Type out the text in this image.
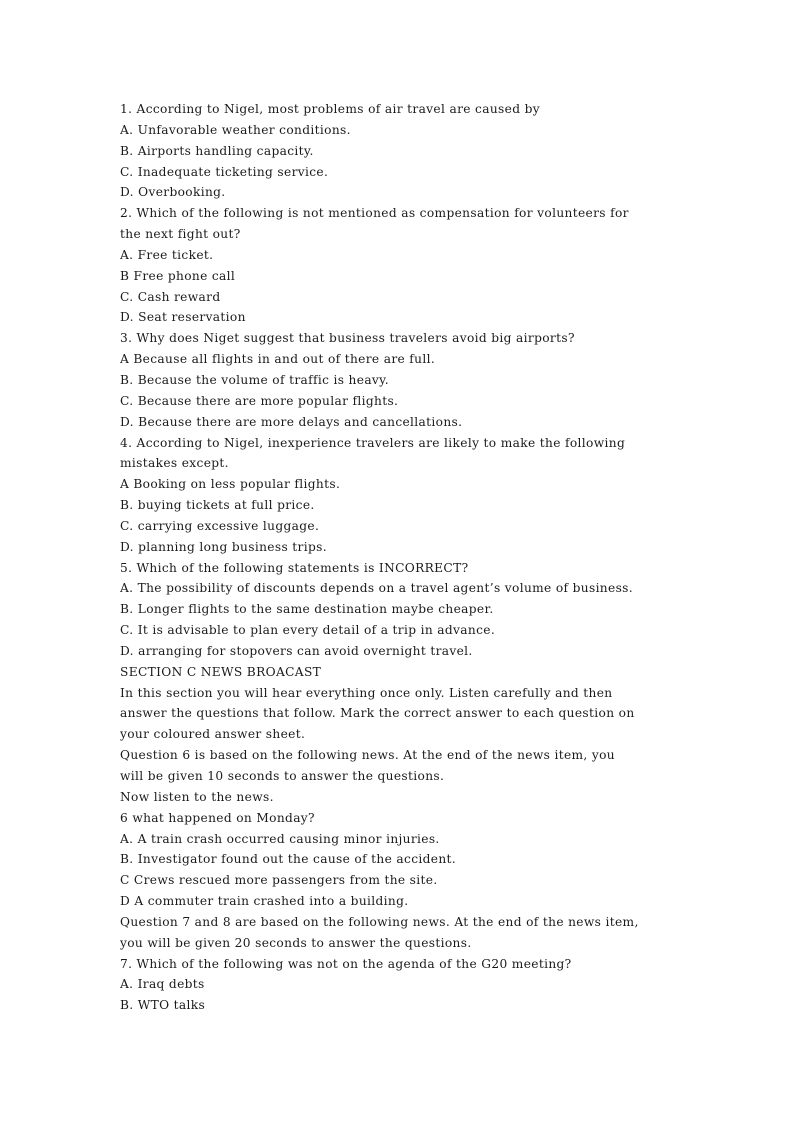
1. According to Nigel, most problems of air travel are caused by
A. Unfavorable weather conditions.
B. Airports handling capacity.
C. Inadequate ticketing service.
D. Overbooking.
2. Which of the following is not mentioned as compensation for volunteers for
the next fight out?
A. Free ticket.
B Free phone call
C. Cash reward
D. Seat reservation
3. Why does Niget suggest that business travelers avoid big airports?
A Because all flights in and out of there are full.
B. Because the volume of traffic is heavy.
C. Because there are more popular flights.
D. Because there are more delays and cancellations.
4. According to Nigel, inexperience travelers are likely to make the following
mistakes except.
A Booking on less popular flights.
B. buying tickets at full price.
C. carrying excessive luggage.
D. planning long business trips.
5. Which of the following statements is INCORRECT?
A. The possibility of discounts depends on a travel agent’s volume of business.
B. Longer flights to the same destination maybe cheaper.
C. It is advisable to plan every detail of a trip in advance.
D. arranging for stopovers can avoid overnight travel.
SECTION C NEWS BROACAST
In this section you will hear everything once only. Listen carefully and then
answer the questions that follow. Mark the correct answer to each question on
your coloured answer sheet.
Question 6 is based on the following news. At the end of the news item, you
will be given 10 seconds to answer the questions.
Now listen to the news.
6 what happened on Monday?
A. A train crash occurred causing minor injuries.
B. Investigator found out the cause of the accident.
C Crews rescued more passengers from the site.
D A commuter train crashed into a building.
Question 7 and 8 are based on the following news. At the end of the news item,
you will be given 20 seconds to answer the questions.
7. Which of the following was not on the agenda of the G20 meeting?
A. Iraq debts
B. WTO talks
